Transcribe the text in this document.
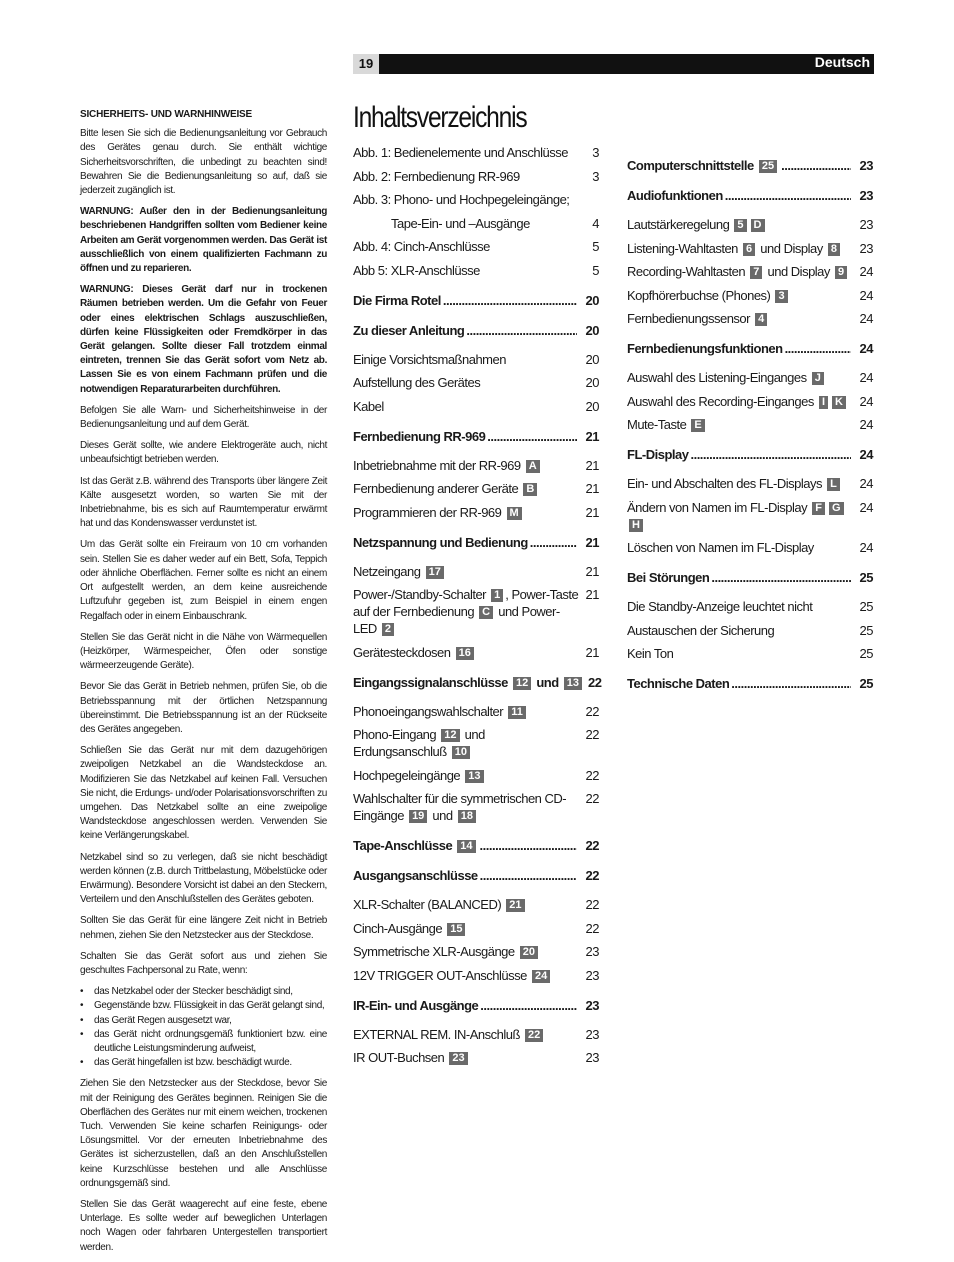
19	Deutsch
SICHERHEITS- UND WARNHINWEISE

Bitte lesen Sie sich die Bedienungsanleitung vor Gebrauch des Gerätes genau durch. Sie enthält wichtige Sicherheitsvorschriften, die unbedingt zu beachten sind! Bewahren Sie die Bedienungsanleitung so auf, daß sie jederzeit zugänglich ist.

WARNUNG: Außer den in der Bedienungsanleitung beschriebenen Handgriffen sollten vom Bediener keine Arbeiten am Gerät vorgenommen werden. Das Gerät ist ausschließlich von einem qualifizierten Fachmann zu öffnen und zu reparieren.

WARNUNG: Dieses Gerät darf nur in trockenen Räumen betrieben werden. Um die Gefahr von Feuer oder eines elektrischen Schlags auszuschließen, dürfen keine Flüssigkeiten oder Fremdkörper in das Gerät gelangen. Sollte dieser Fall trotzdem einmal eintreten, trennen Sie das Gerät sofort vom Netz ab. Lassen Sie es von einem Fachmann prüfen und die notwendigen Reparaturarbeiten durchführen.

Befolgen Sie alle Warn- und Sicherheitshinweise in der Bedienungsanleitung und auf dem Gerät.

Dieses Gerät sollte, wie andere Elektrogeräte auch, nicht unbeaufsichtigt betrieben werden.

Ist das Gerät z.B. während des Transports über längere Zeit Kälte ausgesetzt worden, so warten Sie mit der Inbetriebnahme, bis es sich auf Raumtemperatur erwärmt hat und das Kondenswasser verdunstet ist.

Um das Gerät sollte ein Freiraum von 10 cm vorhanden sein. Stellen Sie es daher weder auf ein Bett, Sofa, Teppich oder ähnliche Oberflächen. Ferner sollte es nicht an einem Ort aufgestellt werden, an dem keine ausreichende Luftzufuhr gegeben ist, zum Beispiel in einem engen Regalfach oder in einem Einbauschrank.

Stellen Sie das Gerät nicht in die Nähe von Wärmequellen (Heizkörper, Wärmespeicher, Öfen oder sonstige wärmeerzeugende Geräte).

Bevor Sie das Gerät in Betrieb nehmen, prüfen Sie, ob die Betriebsspannung mit der örtlichen Netzspannung übereinstimmt. Die Betriebsspannung ist an der Rückseite des Gerätes angegeben.

Schließen Sie das Gerät nur mit dem dazugehörigen zweipoligen Netzkabel an die Wandsteckdose an. Modifizieren Sie das Netzkabel auf keinen Fall. Versuchen Sie nicht, die Erdungs- und/oder Polarisationsvorschriften zu umgehen. Das Netzkabel sollte an eine zweipolige Wandsteckdose angeschlossen werden. Verwenden Sie keine Verlängerungskabel.

Netzkabel sind so zu verlegen, daß sie nicht beschädigt werden können (z.B. durch Trittbelastung, Möbelstücke oder Erwärmung). Besondere Vorsicht ist dabei an den Steckern, Verteilern und den Anschlußstellen des Gerätes geboten.

Sollten Sie das Gerät für eine längere Zeit nicht in Betrieb nehmen, ziehen Sie den Netzstecker aus der Steckdose.

Schalten Sie das Gerät sofort aus und ziehen Sie geschultes Fachpersonal zu Rate, wenn:

• das Netzkabel oder der Stecker beschädigt sind,
• Gegenstände bzw. Flüssigkeit in das Gerät gelangt sind,
• das Gerät Regen ausgesetzt war,
• das Gerät nicht ordnungsgemäß funktioniert bzw. eine deutliche Leistungsminderung aufweist,
• das Gerät hingefallen ist bzw. beschädigt wurde.

Ziehen Sie den Netzstecker aus der Steckdose, bevor Sie mit der Reinigung des Gerätes beginnen. Reinigen Sie die Oberflächen des Gerätes nur mit einem weichen, trockenen Tuch. Verwenden Sie keine scharfen Reinigungs- oder Lösungsmittel. Vor der erneuten Inbetriebnahme des Gerätes ist sicherzustellen, daß an den Anschlußstellen keine Kurzschlüsse bestehen und alle Anschlüsse ordnungsgemäß sind.

Stellen Sie das Gerät waagerecht auf eine feste, ebene Unterlage. Es sollte weder auf beweglichen Unterlagen noch Wagen oder fahrbaren Untergestellen transportiert werden.

Inhaltsverzeichnis
Abb. 1: Bedienelemente und Anschlüsse	3
Abb. 2: Fernbedienung RR-969	3
Abb. 3: Phono- und Hochpegeleingänge;
Tape-Ein- und –Ausgänge	4
Abb. 4: Cinch-Anschlüsse	5
Abb 5: XLR-Anschlüsse	5
Die Firma Rotel .....	20
Zu dieser Anleitung .....	20
Einige Vorsichtsmaßnahmen	20
Aufstellung des Gerätes	20
Kabel	20
Fernbedienung RR-969 .....	21
Inbetriebnahme mit der RR-969 A	21
Fernbedienung anderer Geräte B	21
Programmieren der RR-969 M	21
Netzspannung und Bedienung .....	21
Netzeingang 17	21
Power-/Standby-Schalter 1 , Power-Taste auf der Fernbedienung C und Power-LED 2
21
Gerätesteckdosen 16	21
Eingangssignalanschlüsse 12 und 13 22
Phonoeingangswahlschalter 11	22
Phono-Eingang 12 und Erdungsanschluß 10
22
Hochpegeleingänge 13	22
Wahlschalter für die symmetrischen CD-Eingänge 19 und 18
22
Tape-Anschlüsse 14 .....	22
Ausgangsanschlüsse .....	22
XLR-Schalter (BALANCED) 21	22
Cinch-Ausgänge 15	22
Symmetrische XLR-Ausgänge 20	23
12V TRIGGER OUT-Anschlüsse 24	23
IR-Ein- und Ausgänge .....	23
EXTERNAL REM. IN-Anschluß 22	23
IR OUT-Buchsen 23	23
Computerschnittstelle 25 .....	23
Audiofunktionen .....	23
Lautstärkeregelung 5 D	23
Listening-Wahltasten 6 und Display 8	23
Recording-Wahltasten 7 und Display 9	24
Kopfhörerbuchse (Phones) 3	24
Fernbedienungssensor 4	24
Fernbedienungsfunktionen .....	24
Auswahl des Listening-Einganges J	24
Auswahl des Recording-Einganges I K	24
Mute-Taste E	24
FL-Display .....	24
Ein- und Abschalten des FL-Displays L	24
Ändern von Namen im FL-Display F GH
24
Löschen von Namen im FL-Display	24
Bei Störungen .....	25
Die Standby-Anzeige leuchtet nicht	25
Austauschen der Sicherung	25
Kein Ton	25
Technische Daten .....	25
